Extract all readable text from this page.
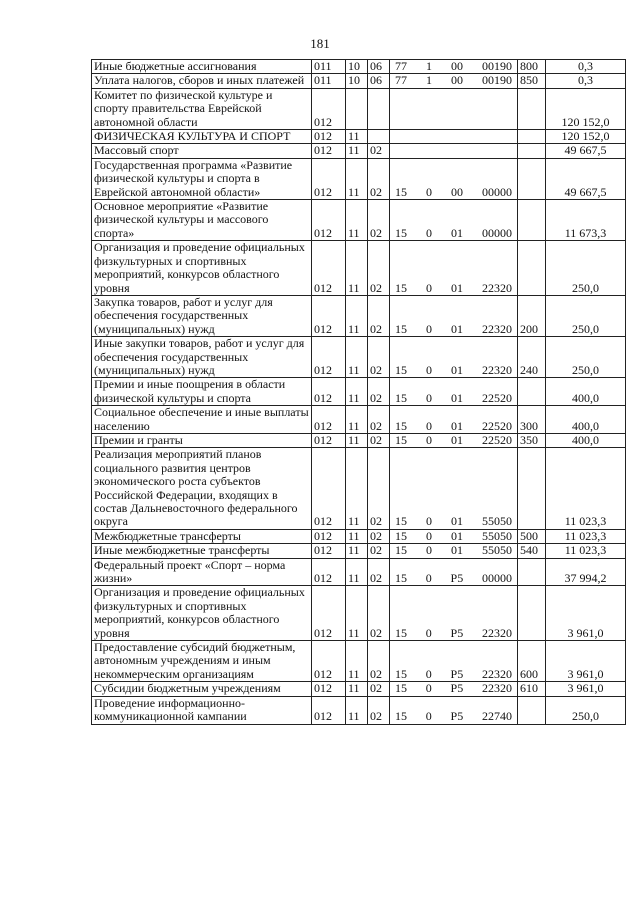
181
Иные бюджетные ассигнования	011	10	06	77 1 00 00190	800	0,3
Уплата налогов, сборов и иных платежей	011	10	06	77 1 00 00190	850	0,3
Комитет по физической культуре и спорту правительства Еврейской автономной области	012					120 152,0
ФИЗИЧЕСКАЯ КУЛЬТУРА И СПОРТ	012	11				120 152,0
Массовый спорт	012	11	02			49 667,5
Государственная программа «Развитие физической культуры и спорта в Еврейской автономной области»	012	11	02	15 0 00 00000		49 667,5
Основное мероприятие «Развитие физической культуры и массового спорта»	012	11	02	15 0 01 00000		11 673,3
Организация и проведение официальных физкультурных и спортивных мероприятий, конкурсов областного уровня	012	11	02	15 0 01 22320		250,0
Закупка товаров, работ и услуг для обеспечения государственных (муниципальных) нужд	012	11	02	15 0 01 22320	200	250,0
Иные закупки товаров, работ и услуг для обеспечения государственных (муниципальных) нужд	012	11	02	15 0 01 22320	240	250,0
Премии и иные поощрения в области физической культуры и спорта	012	11	02	15 0 01 22520		400,0
Социальное обеспечение и иные выплаты населению	012	11	02	15 0 01 22520	300	400,0
Премии и гранты	012	11	02	15 0 01 22520	350	400,0
Реализация мероприятий планов социального развития центров экономического роста субъектов Российской Федерации, входящих в состав Дальневосточного федерального округа	012	11	02	15 0 01 55050		11 023,3
Межбюджетные трансферты	012	11	02	15 0 01 55050	500	11 023,3
Иные межбюджетные трансферты	012	11	02	15 0 01 55050	540	11 023,3
Федеральный проект «Спорт – норма жизни»	012	11	02	15 0 P5 00000		37 994,2
Организация и проведение официальных физкультурных и спортивных мероприятий, конкурсов областного уровня	012	11	02	15 0 P5 22320		3 961,0
Предоставление субсидий бюджетным, автономным учреждениям и иным некоммерческим организациям	012	11	02	15 0 P5 22320	600	3 961,0
Субсидии бюджетным учреждениям	012	11	02	15 0 P5 22320	610	3 961,0
Проведение информационно-коммуникационной кампании	012	11	02	15 0 P5 22740		250,0
